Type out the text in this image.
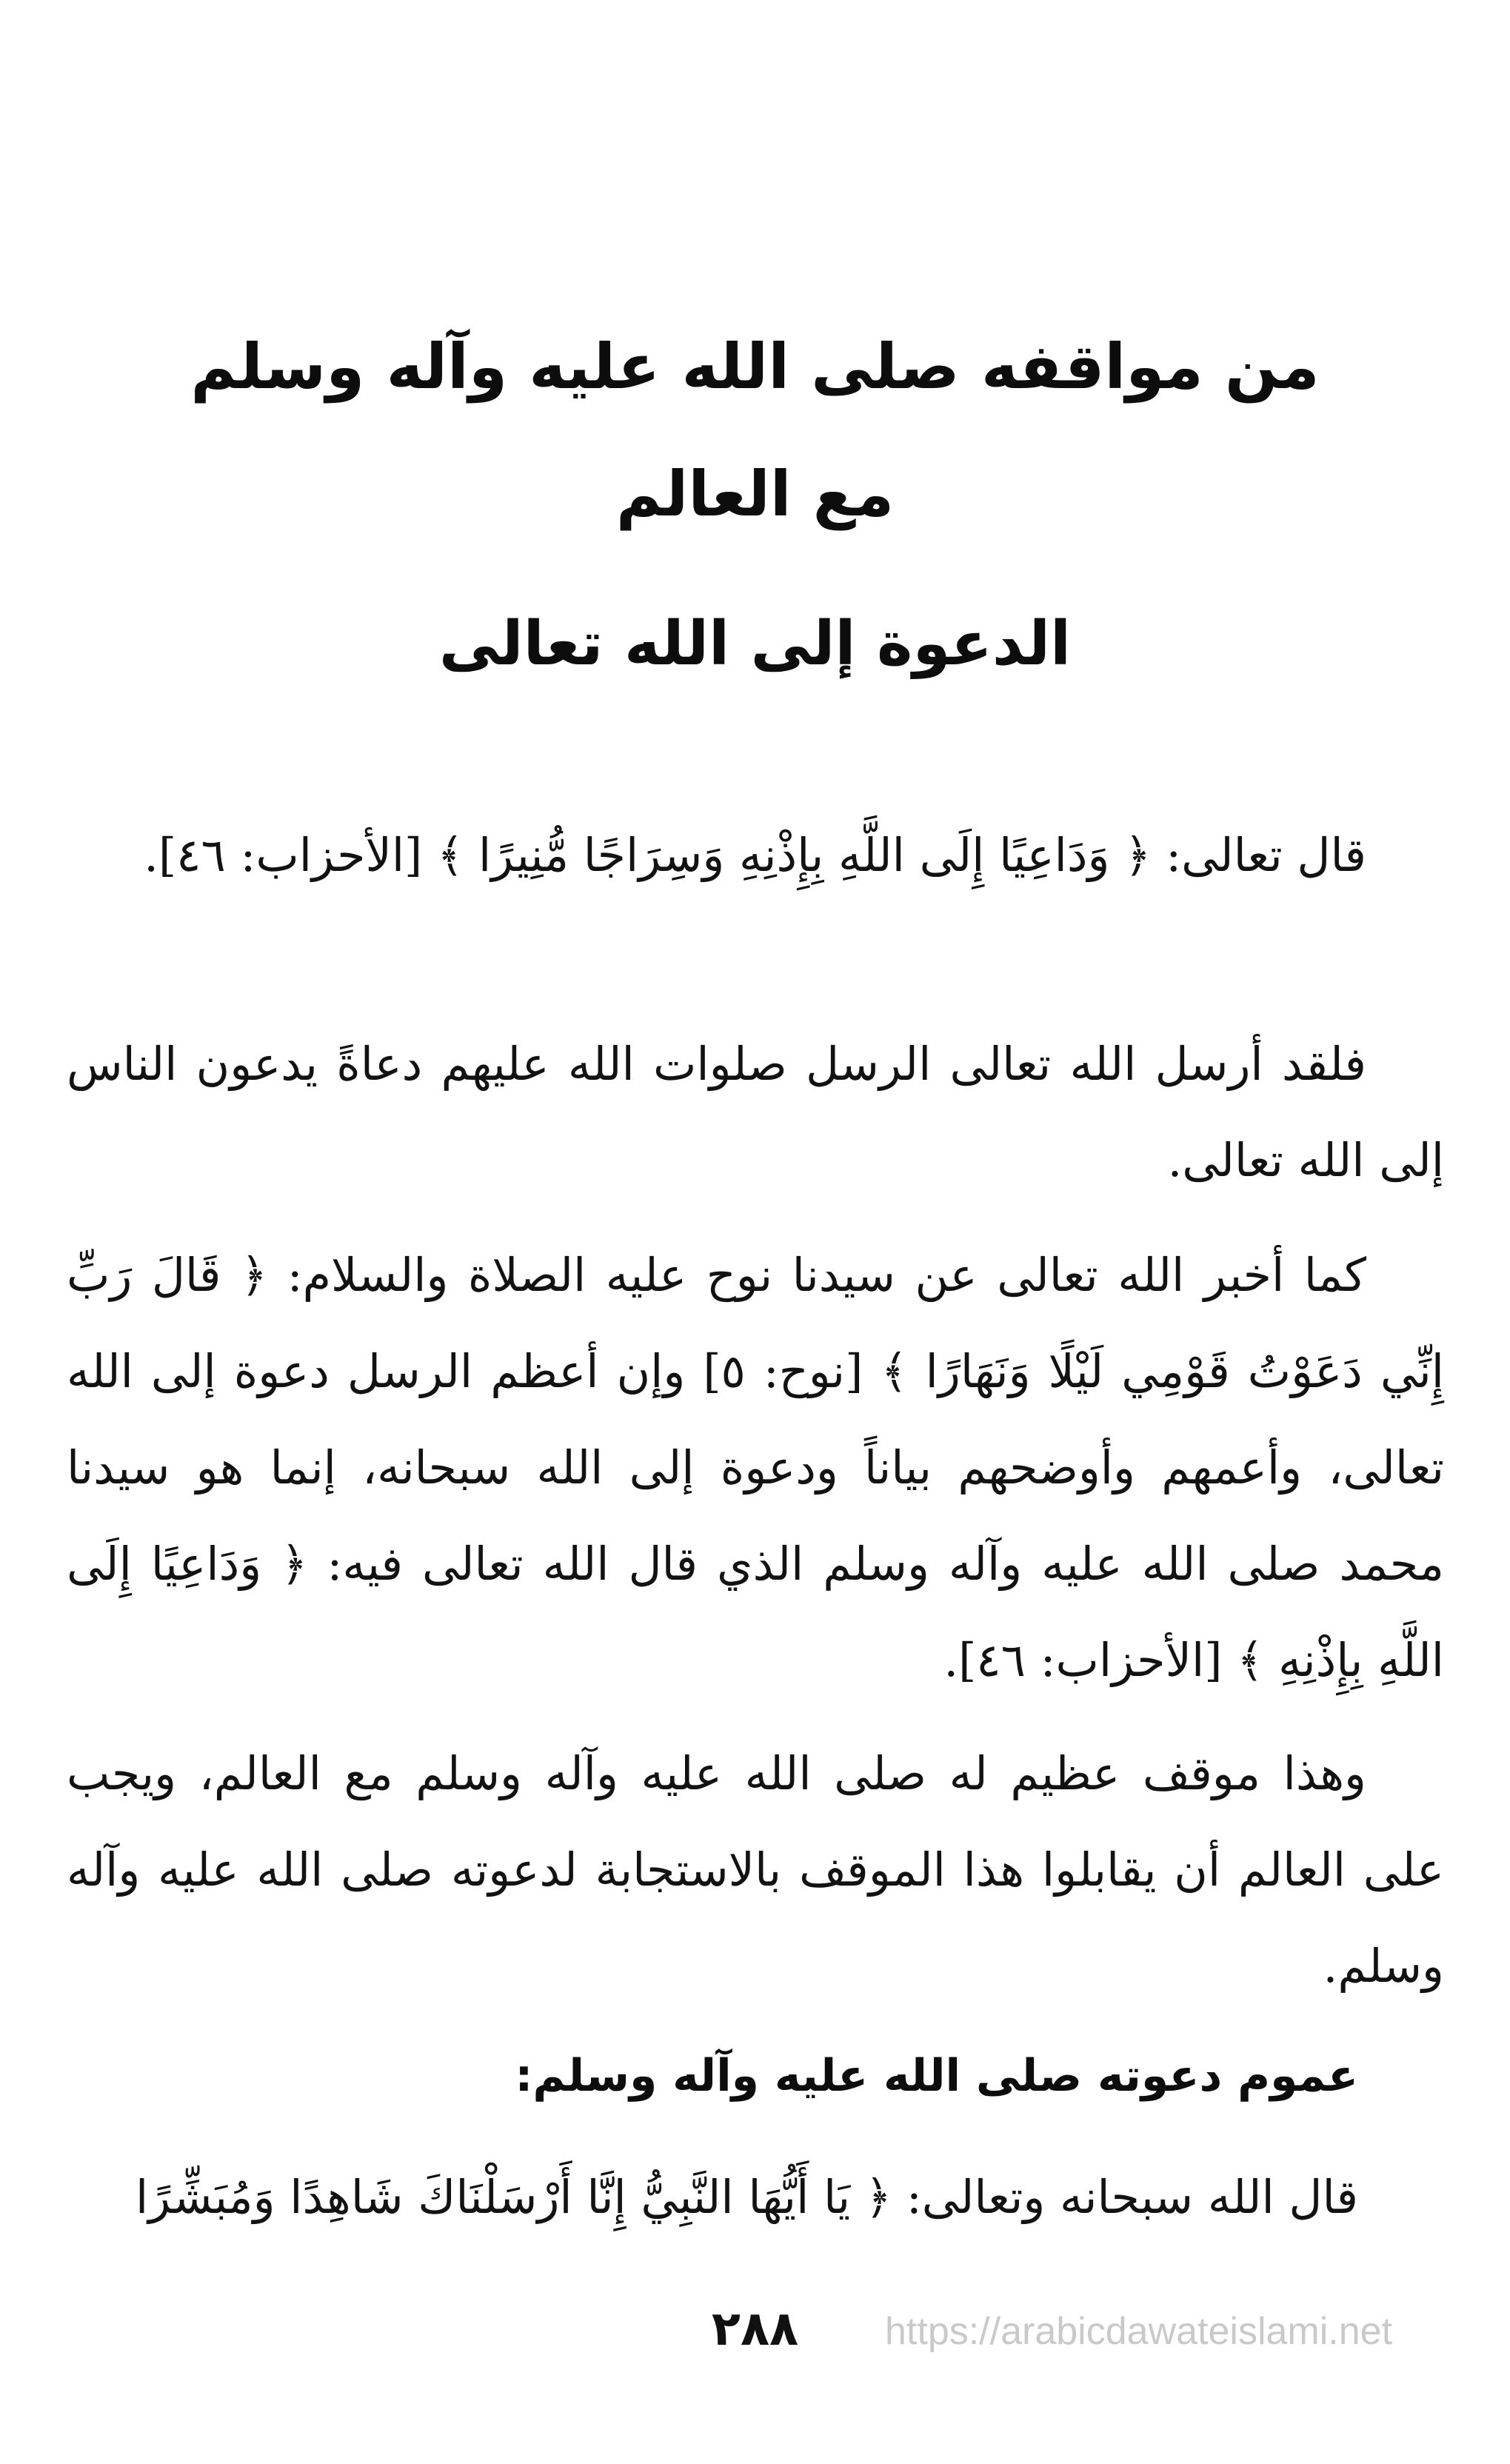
من مواقفه صلى الله عليه وآله وسلم
مع العالم
الدعوة إلى الله تعالى

قال تعالى: ﴿ وَدَاعِيًا إِلَى اللَّهِ بِإِذْنِهِ وَسِرَاجًا مُّنِيرًا ﴾ [الأحزاب: ٤٦].

فلقد أرسل الله تعالى الرسل صلوات الله عليهم دعاةً يدعون الناس إلى الله تعالى.

كما أخبر الله تعالى عن سيدنا نوح عليه الصلاة والسلام: ﴿ قَالَ رَبِّ إِنِّي دَعَوْتُ قَوْمِي لَيْلًا وَنَهَارًا ﴾ [نوح: ٥] وإن أعظم الرسل دعوة إلى الله تعالى، وأعمهم وأوضحهم بياناً ودعوة إلى الله سبحانه، إنما هو سيدنا محمد صلى الله عليه وآله وسلم الذي قال الله تعالى فيه: ﴿ وَدَاعِيًا إِلَى اللَّهِ بِإِذْنِهِ ﴾ [الأحزاب: ٤٦].

وهذا موقف عظيم له صلى الله عليه وآله وسلم مع العالم، ويجب على العالم أن يقابلوا هذا الموقف بالاستجابة لدعوته صلى الله عليه وآله وسلم.

عموم دعوته صلى الله عليه وآله وسلم:
قال الله سبحانه وتعالى: ﴿ يَا أَيُّهَا النَّبِيُّ إِنَّا أَرْسَلْنَاكَ شَاهِدًا وَمُبَشِّرًا
٢٨٨	https://arabicdawateislami.net
